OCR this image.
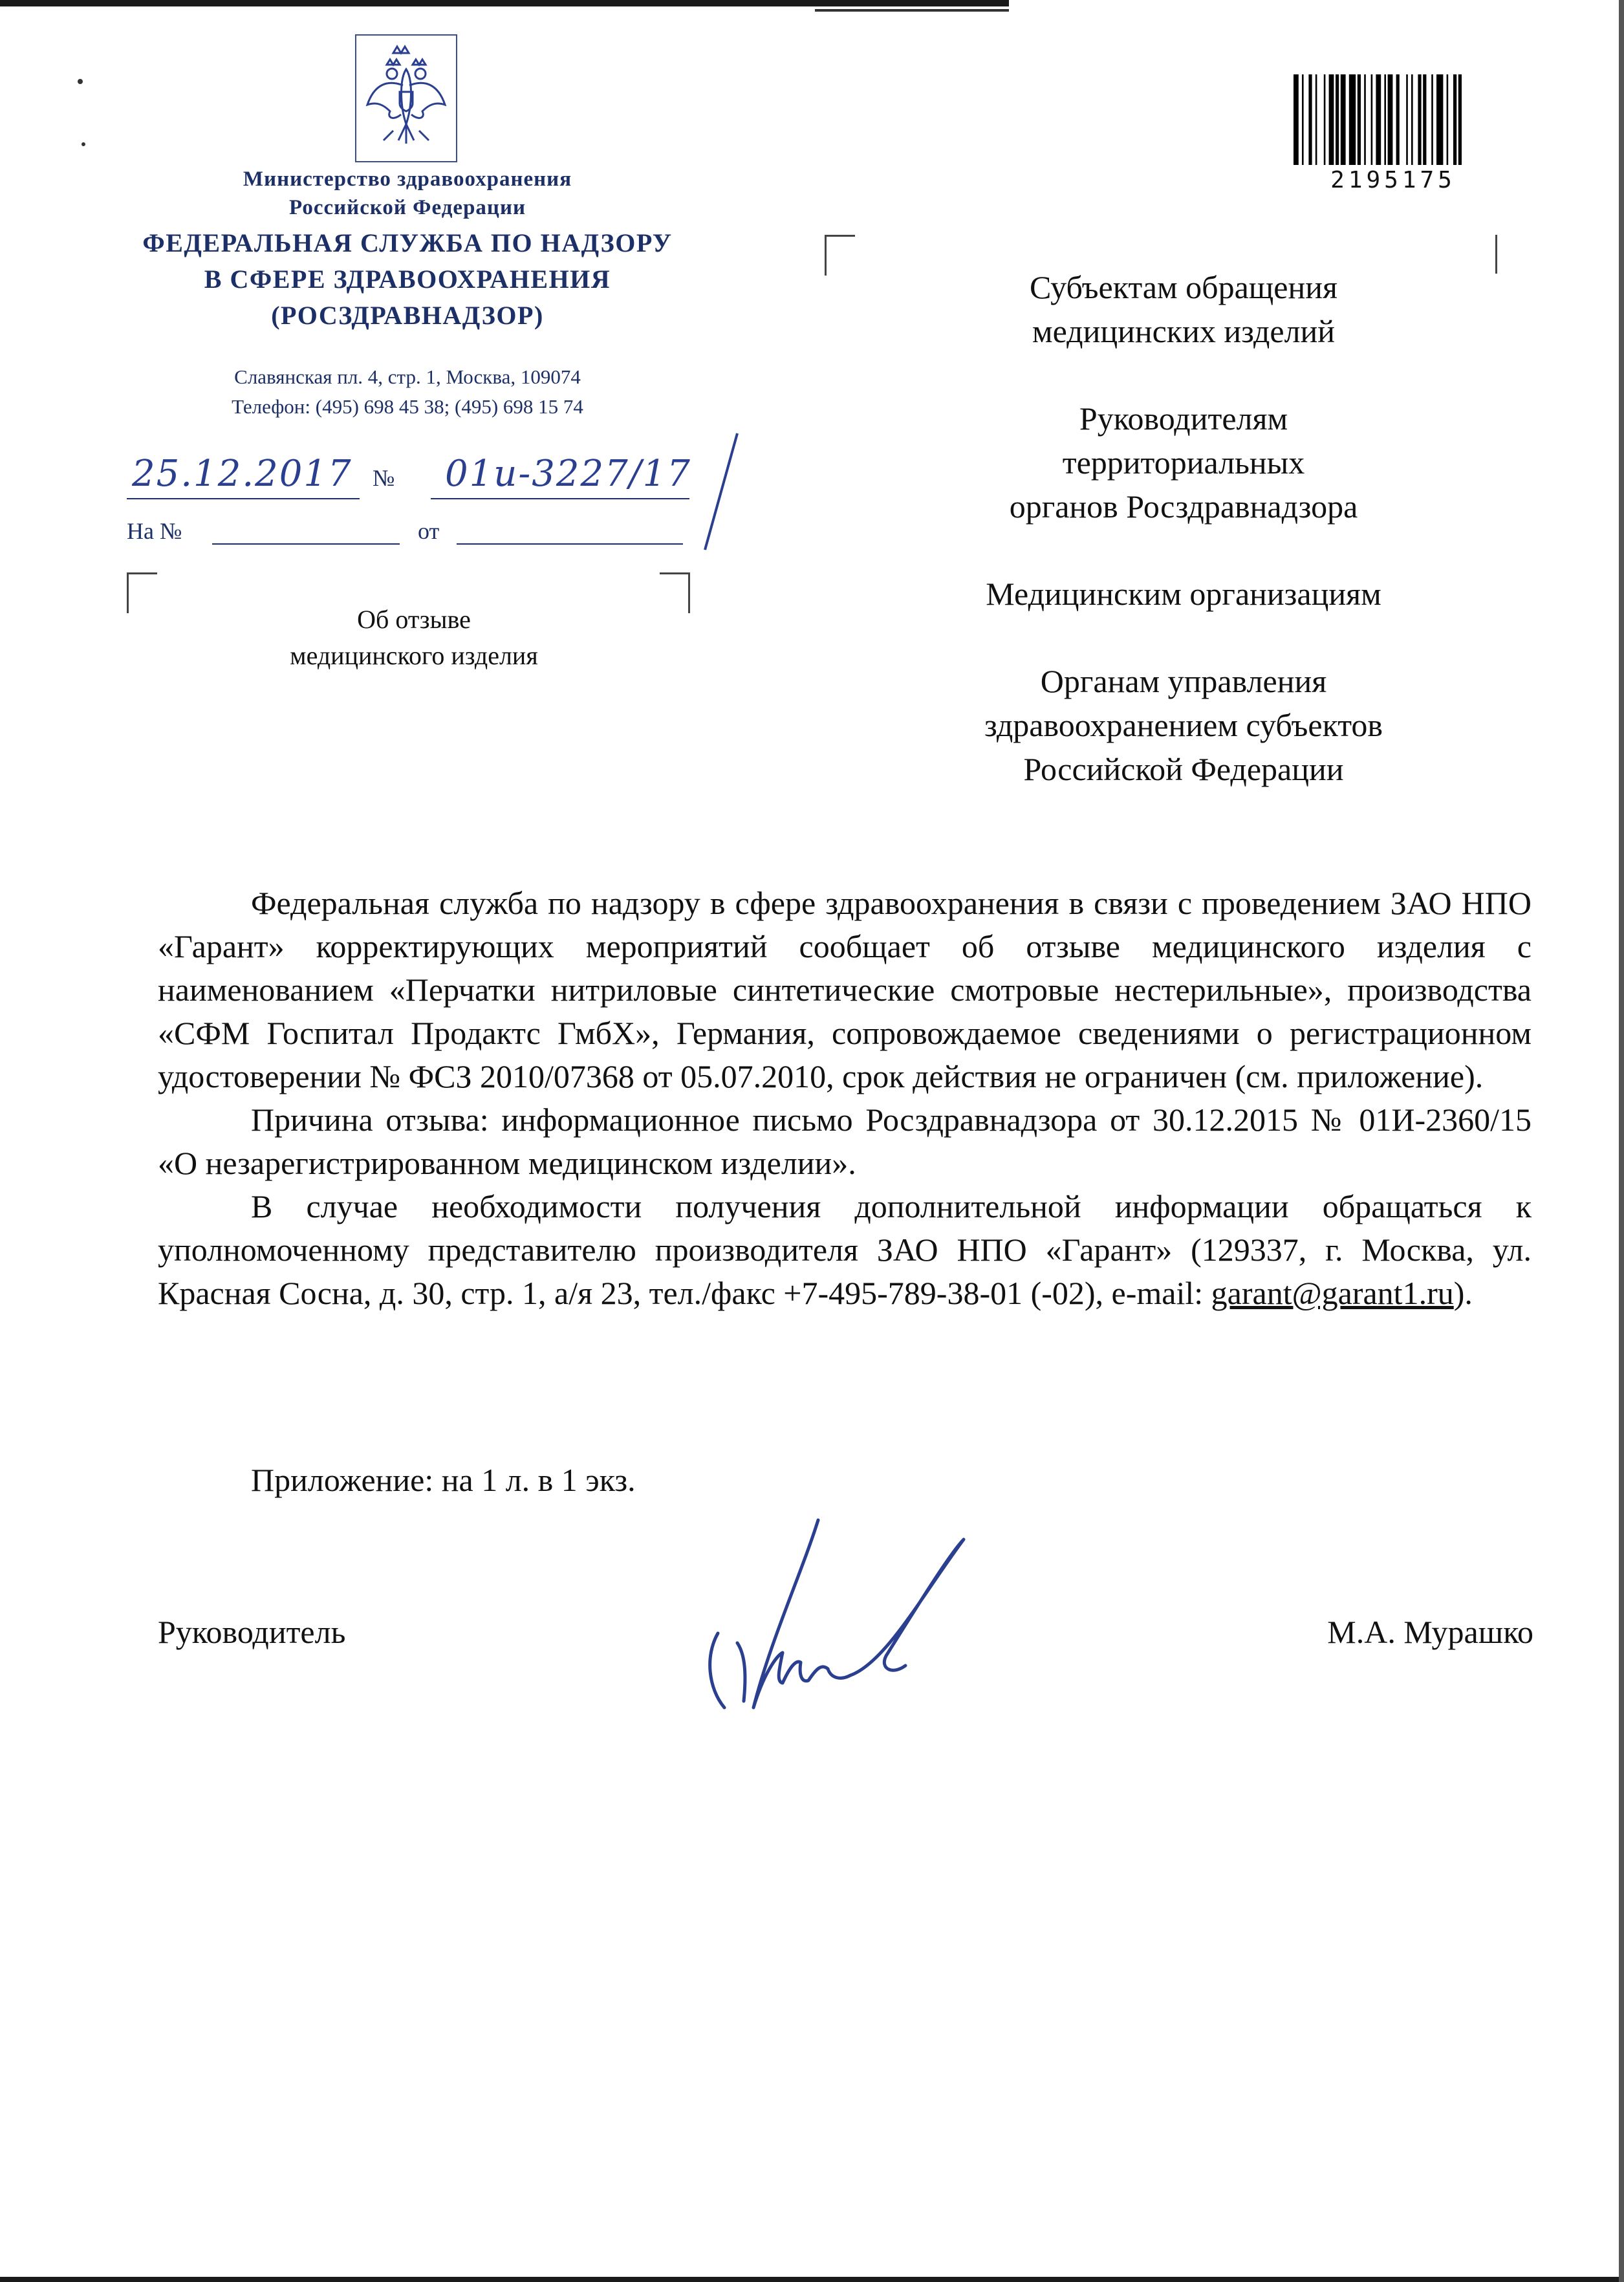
Министерство здравоохранения
Российской Федерации
ФЕДЕРАЛЬНАЯ СЛУЖБА ПО НАДЗОРУ
В СФЕРЕ ЗДРАВООХРАНЕНИЯ
(РОСЗДРАВНАДЗОР)
Славянская пл. 4, стр. 1, Москва, 109074
Телефон: (495) 698 45 38; (495) 698 15 74
25.12.2017 № 01и-3227/17
На №	от
Об отзыве
медицинского изделия
2195175
Субъектам обращения
медицинских изделий
Руководителям
территориальных
органов Росздравнадзора
Медицинским организациям
Органам управления
здравоохранением субъектов
Российской Федерации

Федеральная служба по надзору в сфере здравоохранения в связи с проведением ЗАО НПО «Гарант» корректирующих мероприятий сообщает об отзыве медицинского изделия с наименованием «Перчатки нитриловые синтетические смотровые нестерильные», производства «СФМ Госпитал Продактс ГмбХ», Германия, сопровождаемое сведениями о регистрационном удостоверении № ФСЗ 2010/07368 от 05.07.2010, срок действия не ограничен (см. приложение).

Причина отзыва: информационное письмо Росздравнадзора от 30.12.2015 № 01И-2360/15 «О незарегистрированном медицинском изделии».

В случае необходимости получения дополнительной информации обращаться к уполномоченному представителю производителя ЗАО НПО «Гарант» (129337, г. Москва, ул. Красная Сосна, д. 30, стр. 1, а/я 23, тел./факс +7-495-789-38-01 (-02), e-mail: garant@garant1.ru).

Приложение: на 1 л. в 1 экз.
Руководитель	М.А. Мурашко
